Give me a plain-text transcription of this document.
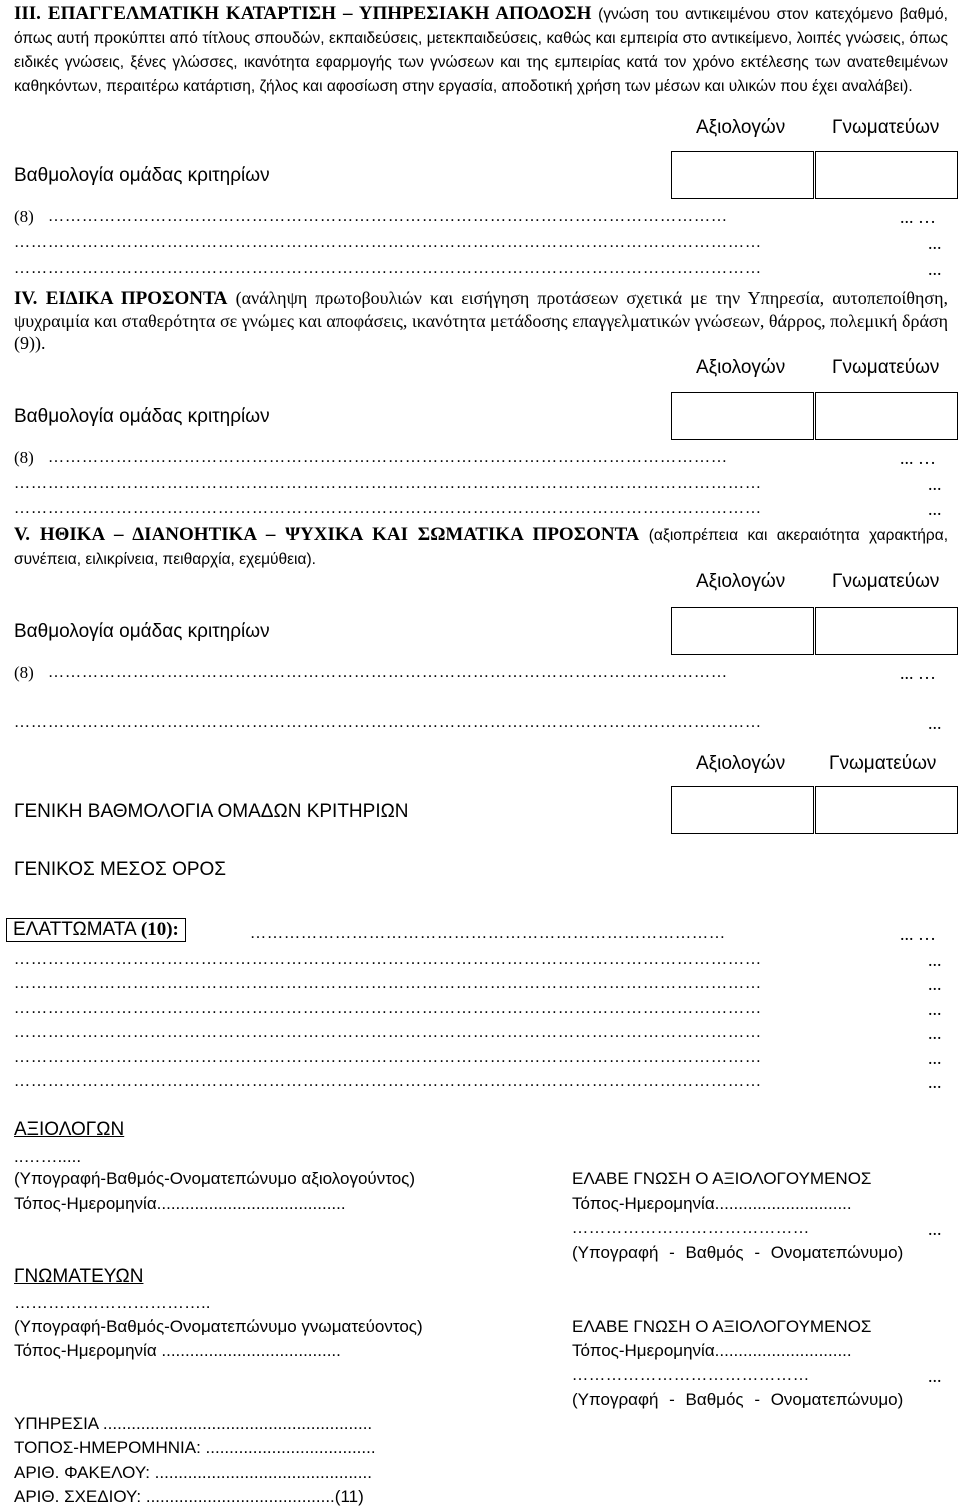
III. ΕΠΑΓΓΕΛΜΑΤΙΚΗ ΚΑΤΑΡΤΙΣΗ – ΥΠΗΡΕΣΙΑΚΗ ΑΠΟΔΟΣΗ (γνώση του αντικειμένου στον κατεχόμενο βαθμό, όπως αυτή προκύπτει από τίτλους σπουδών, εκπαιδεύσεις, μετεκπαιδεύσεις, καθώς και εμπειρία στο αντικείμενο, λοιπές γνώσεις, όπως ειδικές γνώσεις, ξένες γλώσσες, ικανότητα εφαρμογής των γνώσεων και της εμπειρίας κατά τον χρόνο εκτέλεσης των ανατεθειμένων καθηκόντων, περαιτέρω κατάρτιση, ζήλος και αφοσίωση στην εργασία, αποδοτική χρήση των μέσων και υλικών που έχει αναλάβει).
Αξιολογών Γνωματεύων
Βαθμολογία ομάδας κριτηρίων
(8) …………………………………………………………………………………………………………	... …
……………………………………………………………………………………………………………………	...
……………………………………………………………………………………………………………………	...
IV. ΕΙΔΙΚΑ ΠΡΟΣΟΝΤΑ (ανάληψη πρωτοβουλιών και εισήγηση προτάσεων σχετικά με την Υπηρεσία, αυτοπεποίθηση, ψυχραιμία και σταθερότητα σε γνώμες και αποφάσεις, ικανότητα μετάδοσης επαγγελματικών γνώσεων, θάρρος, πολεμική δράση (9)).
Αξιολογών Γνωματεύων
Βαθμολογία ομάδας κριτηρίων
(8) …………………………………………………………………………………………………………	... …
……………………………………………………………………………………………………………………	...
……………………………………………………………………………………………………………………	...
V. ΗΘΙΚΑ – ΔΙΑΝΟΗΤΙΚΑ – ΨΥΧΙΚΑ ΚΑΙ ΣΩΜΑΤΙΚΑ ΠΡΟΣΟΝΤΑ (αξιοπρέπεια και ακεραιότητα χαρακτήρα, συνέπεια, ειλικρίνεια, πειθαρχία, εχεμύθεια).
Αξιολογών Γνωματεύων
Βαθμολογία ομάδας κριτηρίων
(8) …………………………………………………………………………………………………………	... …
……………………………………………………………………………………………………………………	...
Αξιολογών Γνωματεύων
ΓΕΝΙΚΗ ΒΑΘΜΟΛΟΓΙΑ ΟΜΑΔΩΝ ΚΡΙΤΗΡΙΩΝ
ΓΕΝΙΚΟΣ ΜΕΣΟΣ ΟΡΟΣ
ΕΛΑΤΤΩΜΑΤΑ (10):	…………………………………………………………………………	... …
……………………………………………………………………………………………………………………	...
……………………………………………………………………………………………………………………	...
……………………………………………………………………………………………………………………	...
……………………………………………………………………………………………………………………	...
……………………………………………………………………………………………………………………	...
……………………………………………………………………………………………………………………	...
ΑΞΙΟΛΟΓΩΝ
..…….....
(Υπογραφή-Βαθμός-Ονοματεπώνυμο αξιολογούντος)
Τόπος-Ημερομηνία........................................
ΕΛΑΒΕ ΓΝΩΣΗ Ο ΑΞΙΟΛΟΓΟΥΜΕΝΟΣ
Τόπος-Ημερομηνία.............................
……………………………………	...
(Υπογραφή - Βαθμός - Ονοματεπώνυμο)
ΓΝΩΜΑΤΕΥΩΝ
……………………………..
(Υπογραφή-Βαθμός-Ονοματεπώνυμο γνωματεύοντος)
Τόπος-Ημερομηνία ......................................
ΕΛΑΒΕ ΓΝΩΣΗ Ο ΑΞΙΟΛΟΓΟΥΜΕΝΟΣ
Τόπος-Ημερομηνία.............................
……………………………………	...
(Υπογραφή - Βαθμός - Ονοματεπώνυμο)
ΥΠΗΡΕΣΙΑ .........................................................
ΤΟΠΟΣ-ΗΜΕΡΟΜΗΝΙΑ: ....................................
ΑΡΙΘ. ΦΑΚΕΛΟΥ: ..............................................
ΑΡΙΘ. ΣΧΕΔΙΟΥ: ........................................(11)
